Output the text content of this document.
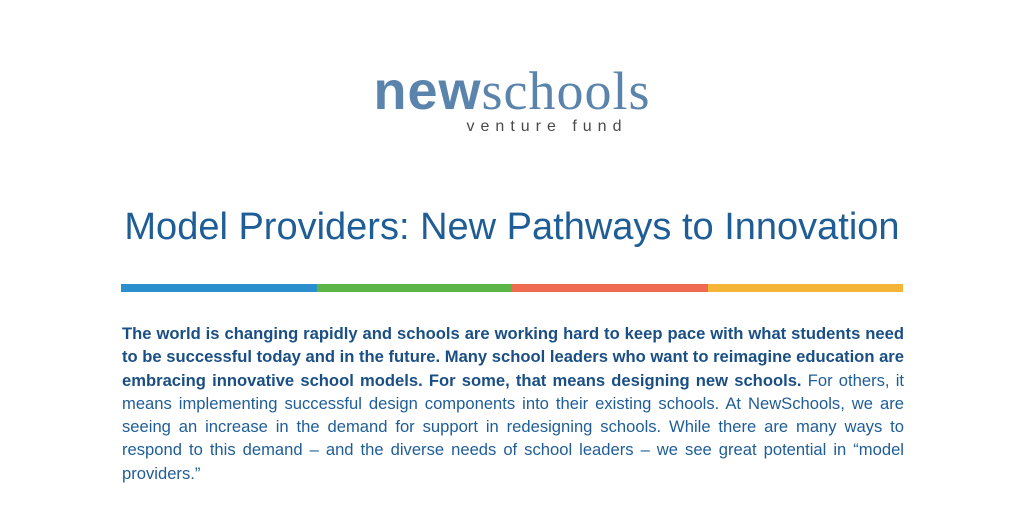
newschools
venture fund
Model Providers: New Pathways to Innovation

The world is changing rapidly and schools are working hard to keep pace with what students need to be successful today and in the future. Many school leaders who want to reimagine education are embracing innovative school models. For some, that means designing new schools. For others, it means implementing successful design components into their existing schools. At NewSchools, we are seeing an increase in the demand for support in redesigning schools. While there are many ways to respond to this demand – and the diverse needs of school leaders – we see great potential in “model providers.”
